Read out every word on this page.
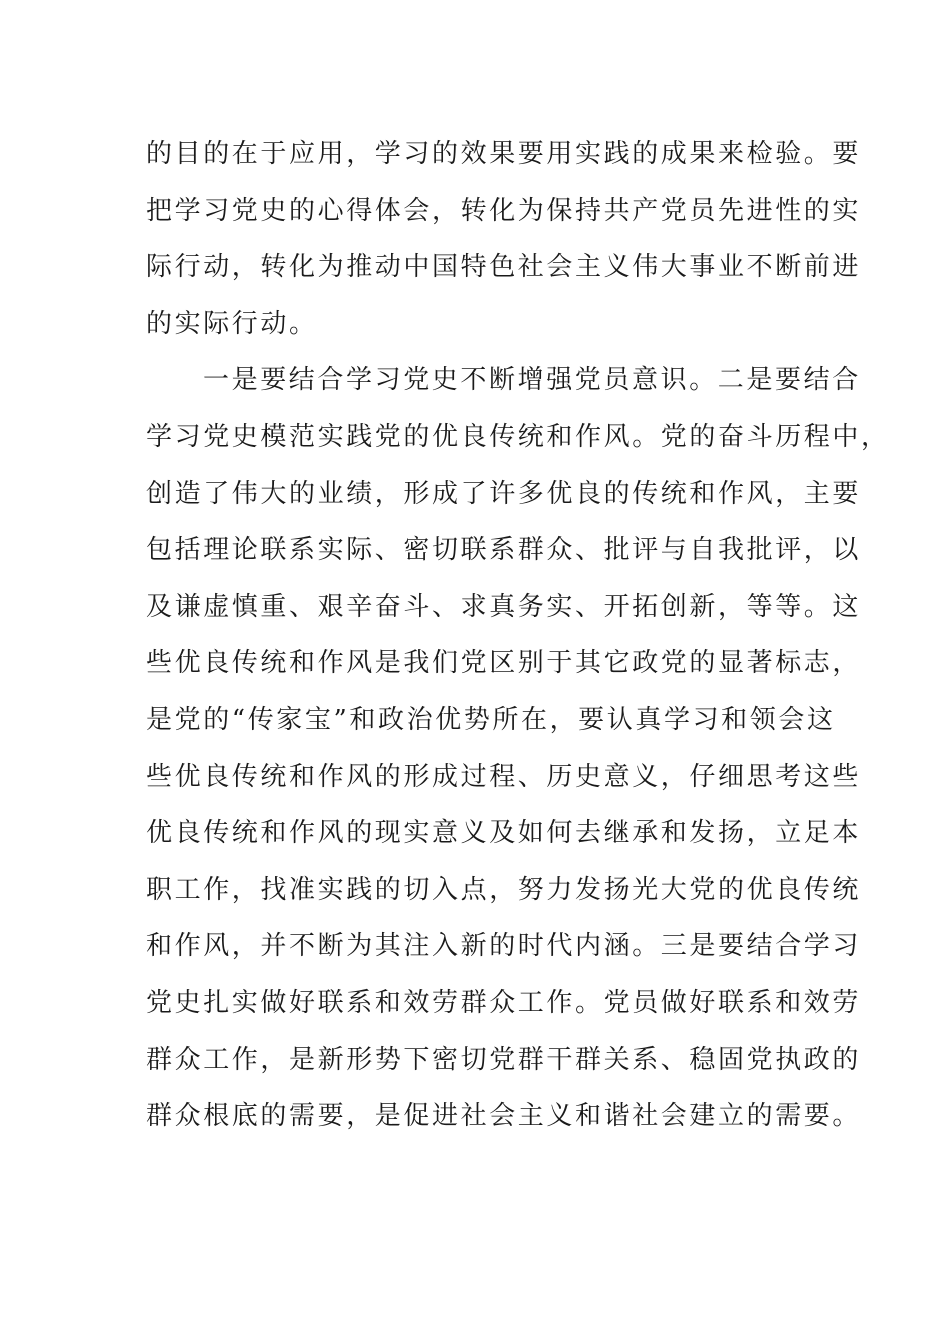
的目的在于应用，学习的效果要用实践的成果来检验。要
把学习党史的心得体会，转化为保持共产党员先进性的实
际行动，转化为推动中国特色社会主义伟大事业不断前进
的实际行动。
一是要结合学习党史不断增强党员意识。二是要结合
学习党史模范实践党的优良传统和作风。党的奋斗历程中，
创造了伟大的业绩，形成了许多优良的传统和作风，主要
包括理论联系实际、密切联系群众、批评与自我批评，以
及谦虚慎重、艰辛奋斗、求真务实、开拓创新，等等。这
些优良传统和作风是我们党区别于其它政党的显著标志，
是党的“传家宝”和政治优势所在，要认真学习和领会这
些优良传统和作风的形成过程、历史意义，仔细思考这些
优良传统和作风的现实意义及如何去继承和发扬，立足本
职工作，找准实践的切入点，努力发扬光大党的优良传统
和作风，并不断为其注入新的时代内涵。三是要结合学习
党史扎实做好联系和效劳群众工作。党员做好联系和效劳
群众工作，是新形势下密切党群干群关系、稳固党执政的
群众根底的需要，是促进社会主义和谐社会建立的需要。
